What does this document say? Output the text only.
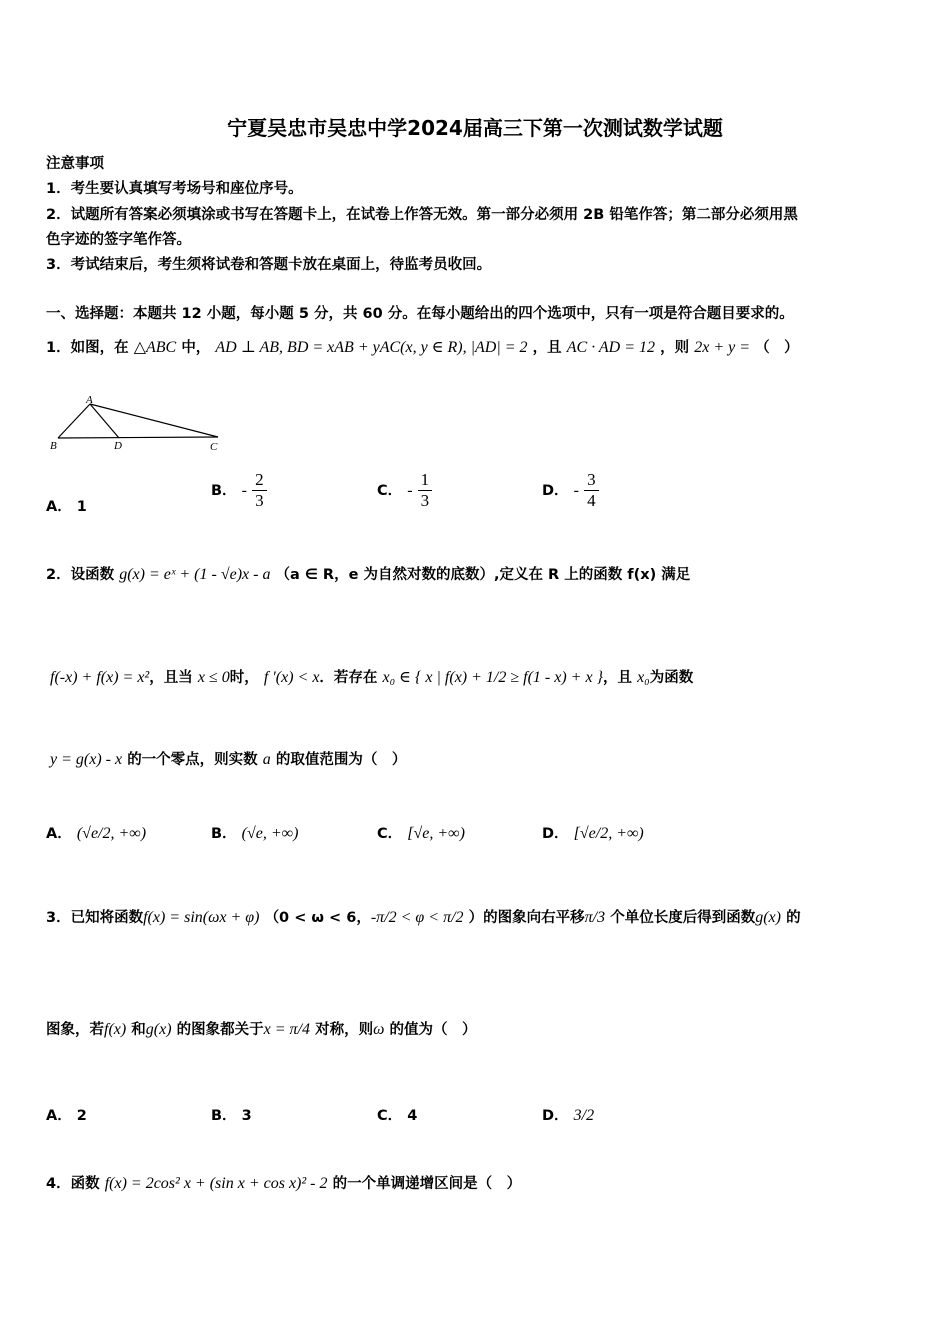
宁夏吴忠市吴忠中学2024届高三下第一次测试数学试题
注意事项
1．考生要认真填写考场号和座位序号。
2．试题所有答案必须填涂或书写在答题卡上，在试卷上作答无效。第一部分必须用 2B 铅笔作答；第二部分必须用黑
色字迹的签字笔作答。
3．考试结束后，考生须将试卷和答题卡放在桌面上，待监考员收回。
一、选择题：本题共 12 小题，每小题 5 分，共 60 分。在每小题给出的四个选项中，只有一项是符合题目要求的。
1．如图，在 △ABC 中， AD ⊥ AB, BD = xAB + yAC(x, y ∈ R), |AD| = 2 ，且 AC · AD = 12 ，则 2x + y = （　）
A
B	D	C
A． 1
B． - $\frac{2}{3}$	C． - $\frac{1}{3}$	D． - $\frac{3}{4}$
2．设函数 g(x) = eˣ + (1 - √e)x - a （a ∈ R，e 为自然对数的底数）,定义在 R 上的函数 f(x) 满足
f(-x) + f(x) = x²，且当 x ≤ 0时， f ′(x) < x．若存在 x₀ ∈ { x | f(x) + 1/2 ≥ f(1 - x) + x }，且 x₀为函数
y = g(x) - x 的一个零点，则实数 a 的取值范围为（　）
A． (√e/2, +∞)	B． (√e, +∞)	C． [√e, +∞)	D． [√e/2, +∞)
3．已知将函数f(x) = sin(ωx + φ) （0 < ω < 6，-π/2 < φ < π/2 ）的图象向右平移π/3 个单位长度后得到函数g(x) 的
图象，若f(x) 和g(x) 的图象都关于x = π/4 对称，则ω 的值为（　）
A． 2	B． 3	C． 4	D． 3/2
4．函数 f(x) = 2cos² x + (sin x + cos x)² - 2 的一个单调递增区间是（　）
